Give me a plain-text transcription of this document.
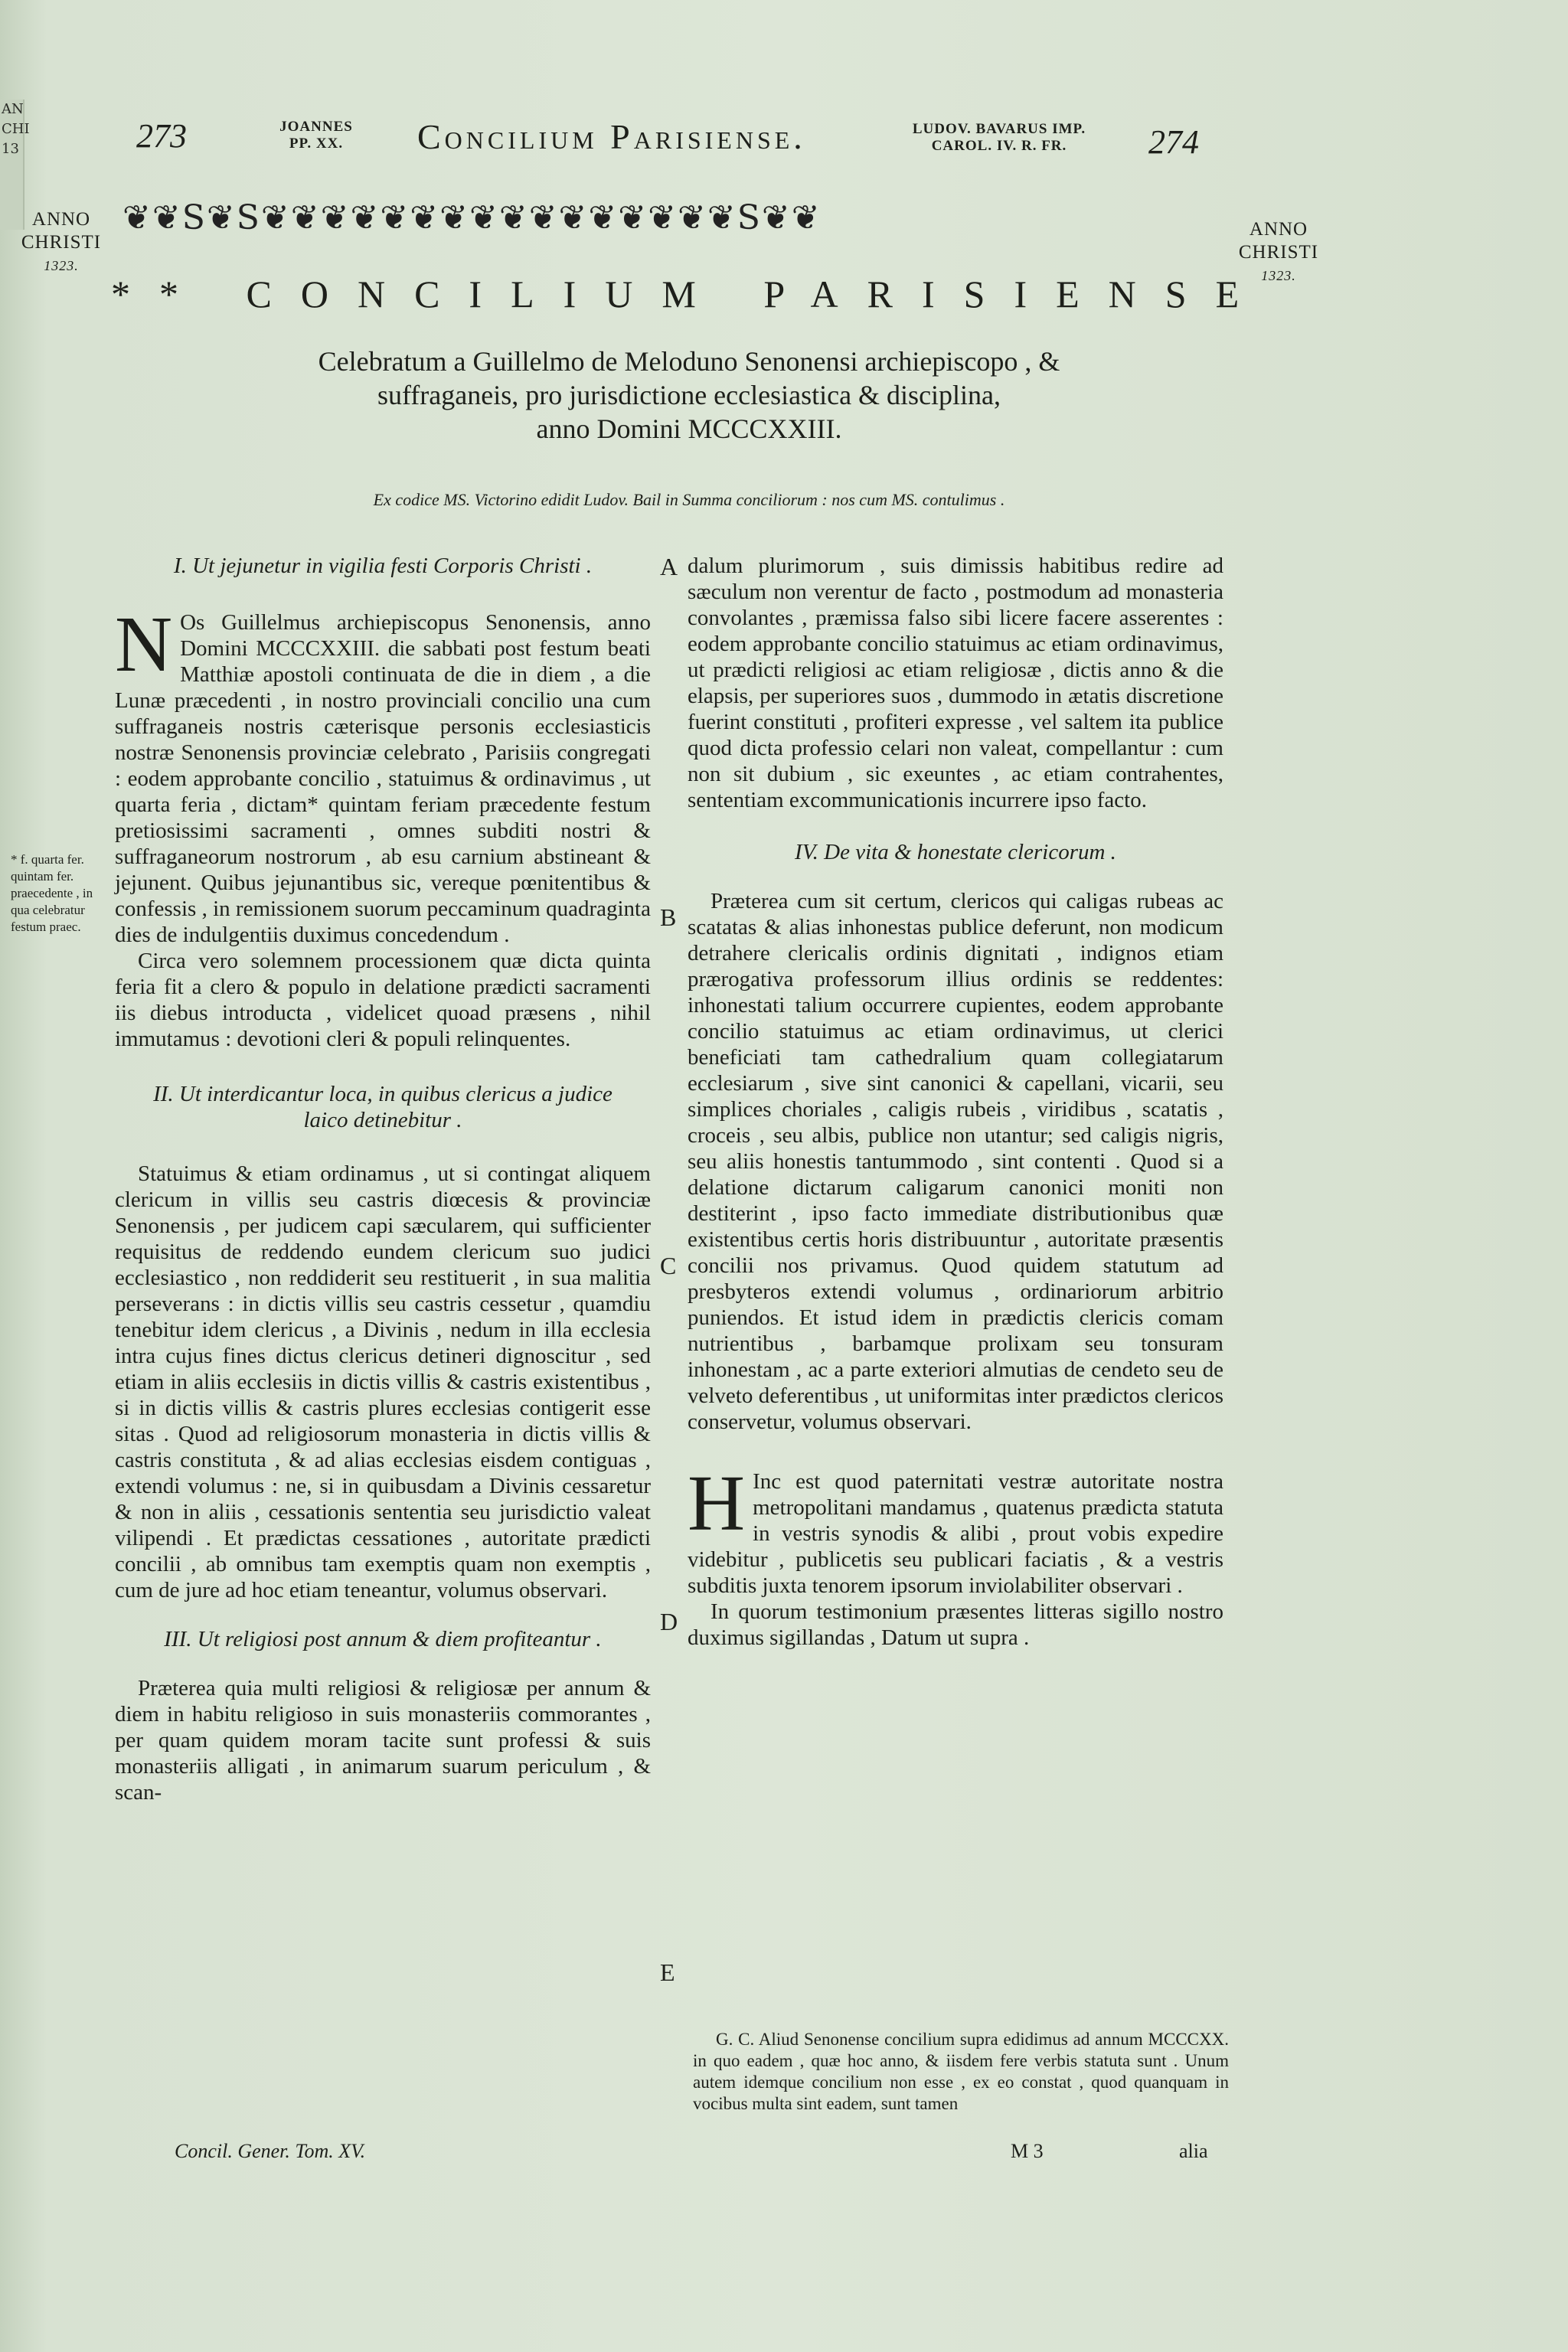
AN
CHI
13	273	JOANNES
PP. XX.	Concilium Parisiense.	LUDOV. BAVARUS IMP.
CAROL. IV. R. FR.	274
ANNO
CHRISTI
1323.
ANNO
CHRISTI
1323.
❦❦S❦S❦❦❦❦❦❦❦❦❦❦❦❦❦❦❦❦S❦❦
** CONCILIUM PARISIENSE
Celebratum a Guillelmo de Meloduno Senonensi archiepiscopo , &
suffraganeis, pro jurisdictione ecclesiastica & disciplina,
anno Domini MCCCXXIII.
Ex codice MS. Victorino edidit Ludov. Bail in Summa conciliorum : nos cum MS. contulimus .
* f. quarta fer. quintam fer. praecedente , in qua celebratur festum praec.
I. Ut jejunetur in vigilia festi Corporis Christi .

N Os Guillelmus archiepiscopus Senonensis, anno Domini MCCCXXIII. die sabbati post festum beati Matthiæ apostoli continuata de die in diem , a die Lunæ præcedenti , in nostro provinciali concilio una cum suffraganeis nostris cæterisque personis ecclesiasticis nostræ Senonensis provinciæ celebrato , Parisiis congregati : eodem approbante concilio , statuimus & ordinavimus , ut quarta feria , dictam* quintam feriam præcedente festum pretiosissimi sacramenti , omnes subditi nostri & suffraganeorum nostrorum , ab esu carnium abstineant & jejunent. Quibus jejunantibus sic, vereque pœnitentibus & confessis , in remissionem suorum peccaminum quadraginta dies de indulgentiis duximus concedendum .

Circa vero solemnem processionem quæ dicta quinta feria fit a clero & populo in delatione prædicti sacramenti iis diebus introducta , videlicet quoad præsens , nihil immutamus : devotioni cleri & populi relinquentes.

II. Ut interdicantur loca, in quibus clericus a judice laico detinebitur .

Statuimus & etiam ordinamus , ut si contingat aliquem clericum in villis seu castris diœcesis & provinciæ Senonensis , per judicem capi sæcularem, qui sufficienter requisitus de reddendo eundem clericum suo judici ecclesiastico , non reddiderit seu restituerit , in sua malitia perseverans : in dictis villis seu castris cessetur , quamdiu tenebitur idem clericus , a Divinis , nedum in illa ecclesia intra cujus fines dictus clericus detineri dignoscitur , sed etiam in aliis ecclesiis in dictis villis & castris existentibus , si in dictis villis & castris plures ecclesias contigerit esse sitas . Quod ad religiosorum monasteria in dictis villis & castris constituta , & ad alias ecclesias eisdem contiguas , extendi volumus : ne, si in quibusdam a Divinis cessaretur & non in aliis , cessationis sententia seu jurisdictio valeat vilipendi . Et prædictas cessationes , autoritate prædicti concilii , ab omnibus tam exemptis quam non exemptis , cum de jure ad hoc etiam teneantur, volumus observari.

III. Ut religiosi post annum & diem profiteantur .

Præterea quia multi religiosi & religiosæ per annum & diem in habitu religioso in suis monasteriis commorantes , per quam quidem moram tacite sunt professi & suis monasteriis alligati , in animarum suarum periculum , & scan-

dalum plurimorum , suis dimissis habitibus redire ad sæculum non verentur de facto , postmodum ad monasteria convolantes , præmissa falso sibi licere facere asserentes : eodem approbante concilio statuimus ac etiam ordinavimus, ut prædicti religiosi ac etiam religiosæ , dictis anno & die elapsis, per superiores suos , dummodo in ætatis discretione fuerint constituti , profiteri expresse , vel saltem ita publice quod dicta professio celari non valeat, compellantur : cum non sit dubium , sic exeuntes , ac etiam contrahentes, sententiam excommunicationis incurrere ipso facto.

IV. De vita & honestate clericorum .

Præterea cum sit certum, clericos qui caligas rubeas ac scatatas & alias inhonestas publice deferunt, non modicum detrahere clericalis ordinis dignitati , indignos etiam prærogativa professorum illius ordinis se reddentes: inhonestati talium occurrere cupientes, eodem approbante concilio statuimus ac etiam ordinavimus, ut clerici beneficiati tam cathedralium quam collegiatarum ecclesiarum , sive sint canonici & capellani, vicarii, seu simplices choriales , caligis rubeis , viridibus , scatatis , croceis , seu albis, publice non utantur; sed caligis nigris, seu aliis honestis tantummodo , sint contenti . Quod si a delatione dictarum caligarum canonici moniti non destiterint , ipso facto immediate distributionibus quæ existentibus certis horis distribuuntur , autoritate præsentis concilii nos privamus. Quod quidem statutum ad presbyteros extendi volumus , ordinariorum arbitrio puniendos. Et istud idem in prædictis clericis comam nutrientibus , barbamque prolixam seu tonsuram inhonestam , ac a parte exteriori almutias de cendeto seu de velveto deferentibus , ut uniformitas inter prædictos clericos conservetur, volumus observari.

H Inc est quod paternitati vestræ autoritate nostra metropolitani mandamus , quatenus prædicta statuta in vestris synodis & alibi , prout vobis expedire videbitur , publicetis seu publicari faciatis , & a vestris subditis juxta tenorem ipsorum inviolabiliter observari .

In quorum testimonium præsentes litteras sigillo nostro duximus sigillandas , Datum ut supra .

A
B
C
D
E

G. C. Aliud Senonense concilium supra edidimus ad annum MCCCXX. in quo eadem , quæ hoc anno, & iisdem fere verbis statuta sunt . Unum autem idemque concilium non esse , ex eo constat , quod quanquam in vocibus multa sint eadem, sunt tamen

Concil. Gener. Tom. XV.	M 3	alia
